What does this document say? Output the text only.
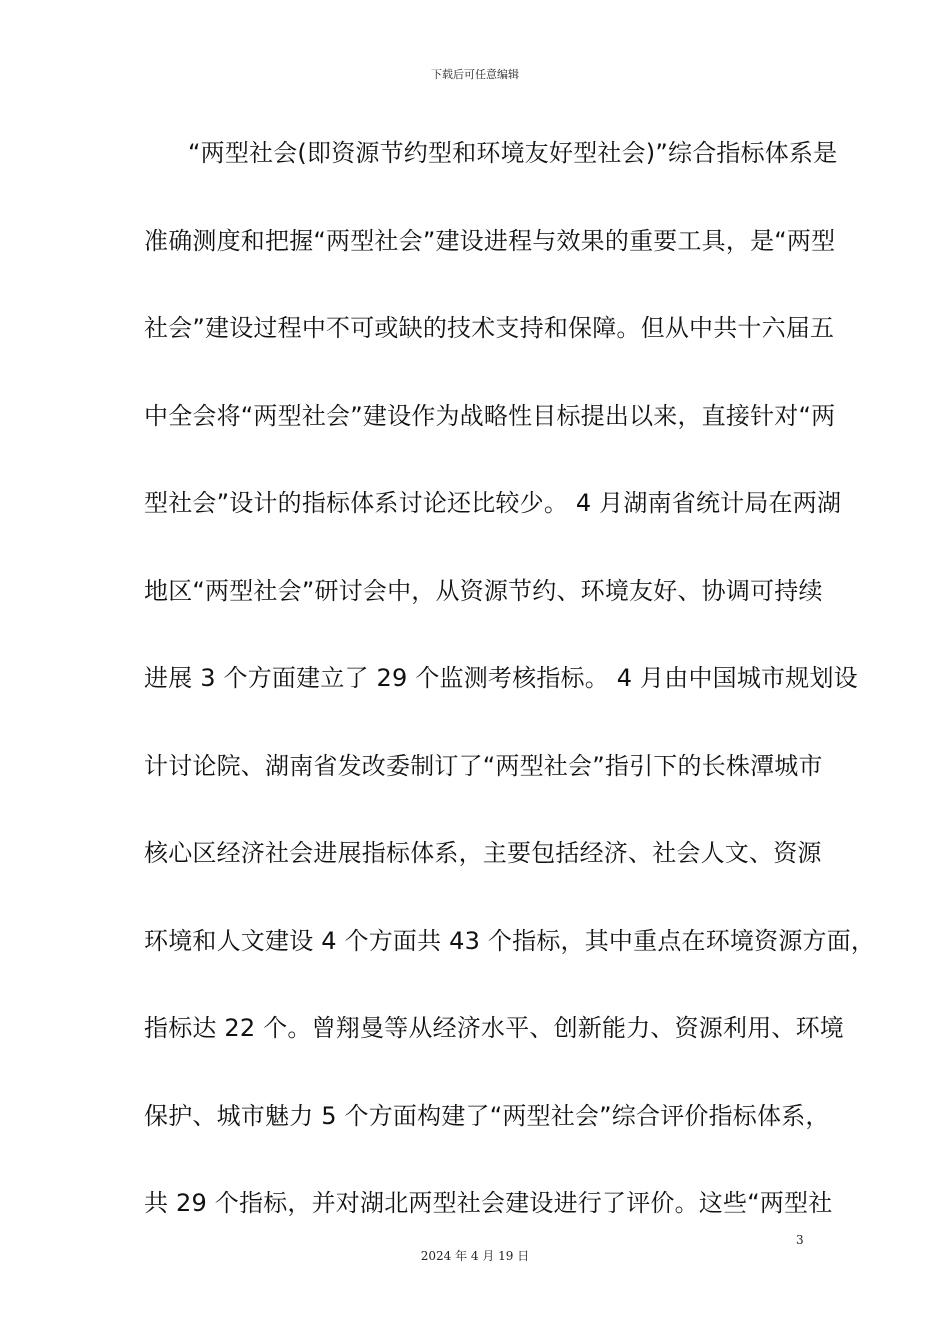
下载后可任意编辑
“两型社会(即资源节约型和环境友好型社会)”综合指标体系是
准确测度和把握“两型社会”建设进程与效果的重要工具，是“两型
社会”建设过程中不可或缺的技术支持和保障。但从中共十六届五
中全会将“两型社会”建设作为战略性目标提出以来，直接针对“两
型社会”设计的指标体系讨论还比较少。 4 月湖南省统计局在两湖
地区“两型社会”研讨会中，从资源节约、环境友好、协调可持续
进展 3 个方面建立了 29 个监测考核指标。 4 月由中国城市规划设
计讨论院、湖南省发改委制订了“两型社会”指引下的长株潭城市
核心区经济社会进展指标体系，主要包括经济、社会人文、资源
环境和人文建设 4 个方面共 43 个指标，其中重点在环境资源方面，
指标达 22 个。曾翔曼等从经济水平、创新能力、资源利用、环境
保护、城市魅力 5 个方面构建了“两型社会”综合评价指标体系，
共 29 个指标，并对湖北两型社会建设进行了评价。这些“两型社
3
2024 年 4 月 19 日
